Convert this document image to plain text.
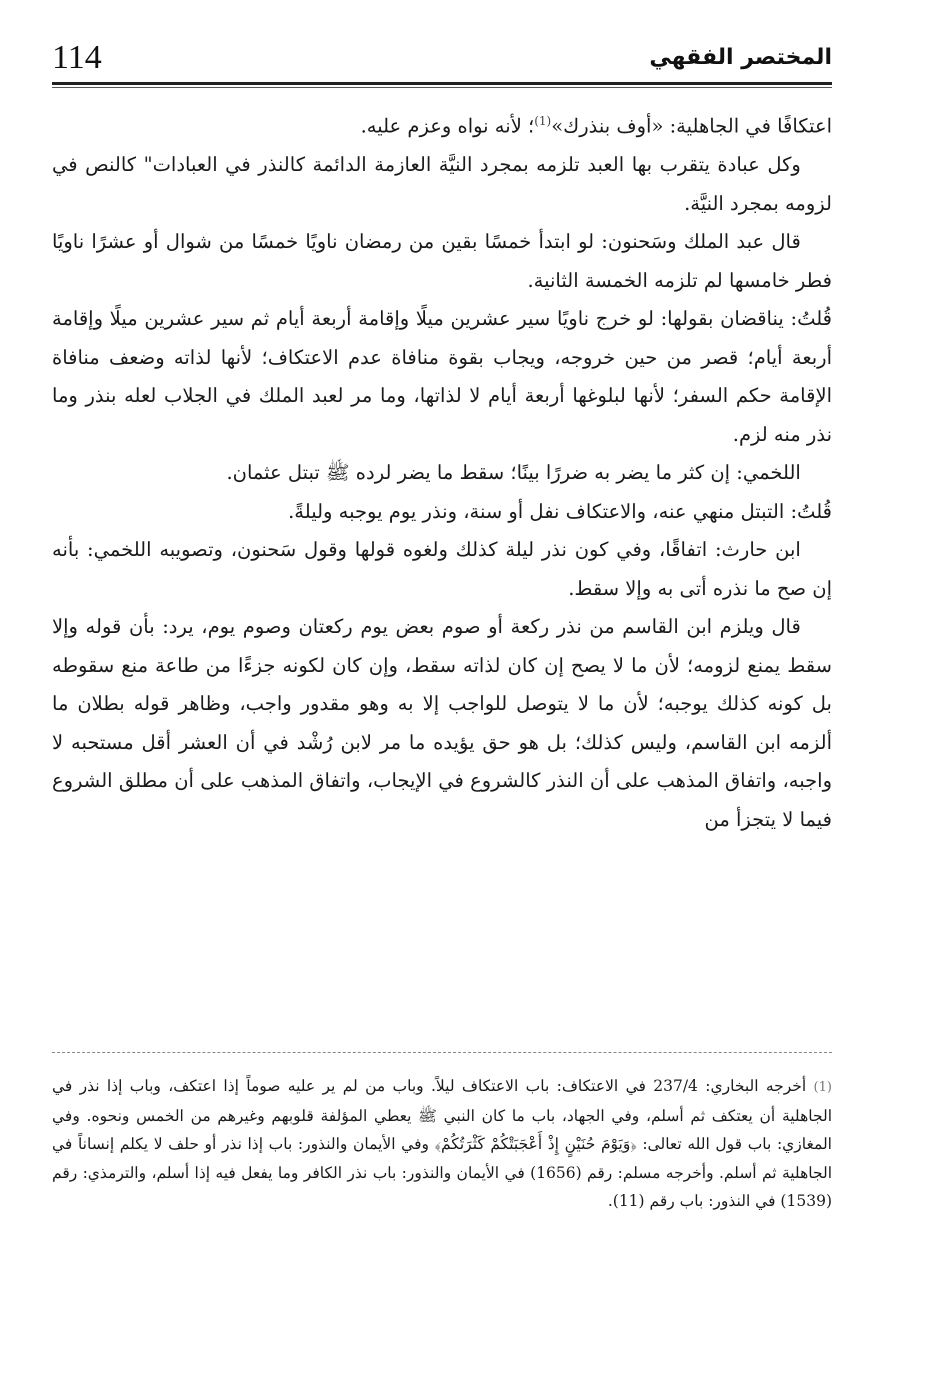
114	المختصر الفقهي

اعتكافًا في الجاهلية: «أوف بنذرك»$^{(1)}$؛ لأنه نواه وعزم عليه.

وكل عبادة يتقرب بها العبد تلزمه بمجرد النيَّة العازمة الدائمة كالنذر في العبادات" كالنص في لزومه بمجرد النيَّة.

قال عبد الملك وسَحنون: لو ابتدأ خمسًا بقين من رمضان ناويًا خمسًا من شوال أو عشرًا ناويًا فطر خامسها لم تلزمه الخمسة الثانية.

قُلتُ: يناقضان بقولها: لو خرج ناويًا سير عشرين ميلًا وإقامة أربعة أيام ثم سير عشرين ميلًا وإقامة أربعة أيام؛ قصر من حين خروجه، ويجاب بقوة منافاة عدم الاعتكاف؛ لأنها لذاته وضعف منافاة الإقامة حكم السفر؛ لأنها لبلوغها أربعة أيام لا لذاتها، وما مر لعبد الملك في الجلاب لعله بنذر وما نذر منه لزم.

اللخمي: إن كثر ما يضر به ضررًا بينًا؛ سقط ما يضر لرده ﷺ تبتل عثمان.

قُلتُ: التبتل منهي عنه، والاعتكاف نفل أو سنة، ونذر يوم يوجبه وليلةً.

ابن حارث: اتفاقًا، وفي كون نذر ليلة كذلك ولغوه قولها وقول سَحنون، وتصويبه اللخمي: بأنه إن صح ما نذره أتى به وإلا سقط.

قال ويلزم ابن القاسم من نذر ركعة أو صوم بعض يوم ركعتان وصوم يوم، يرد: بأن قوله وإلا سقط يمنع لزومه؛ لأن ما لا يصح إن كان لذاته سقط، وإن كان لكونه جزءًا من طاعة منع سقوطه بل كونه كذلك يوجبه؛ لأن ما لا يتوصل للواجب إلا به وهو مقدور واجب، وظاهر قوله بطلان ما ألزمه ابن القاسم، وليس كذلك؛ بل هو حق يؤيده ما مر لابن رُشْد في أن العشر أقل مستحبه لا واجبه، واتفاق المذهب على أن النذر كالشروع في الإيجاب، واتفاق المذهب على أن مطلق الشروع فيما لا يتجزأ من

(1) أخرجه البخاري: 237/4 في الاعتكاف: باب الاعتكاف ليلاً. وباب من لم ير عليه صوماً إذا اعتكف، وباب إذا نذر في الجاهلية أن يعتكف ثم أسلم، وفي الجهاد، باب ما كان النبي ﷺ يعطي المؤلفة قلوبهم وغيرهم من الخمس ونحوه. وفي المغازي: باب قول الله تعالى: ﴿وَيَوْمَ حُنَيْنٍ إِذْ أَعْجَبَتْكُمْ كَثْرَتُكُمْ﴾ وفي الأيمان والنذور: باب إذا نذر أو حلف لا يكلم إنساناً في الجاهلية ثم أسلم. وأخرجه مسلم: رقم (1656) في الأيمان والنذور: باب نذر الكافر وما يفعل فيه إذا أسلم، والترمذي: رقم (1539) في النذور: باب رقم (11).
